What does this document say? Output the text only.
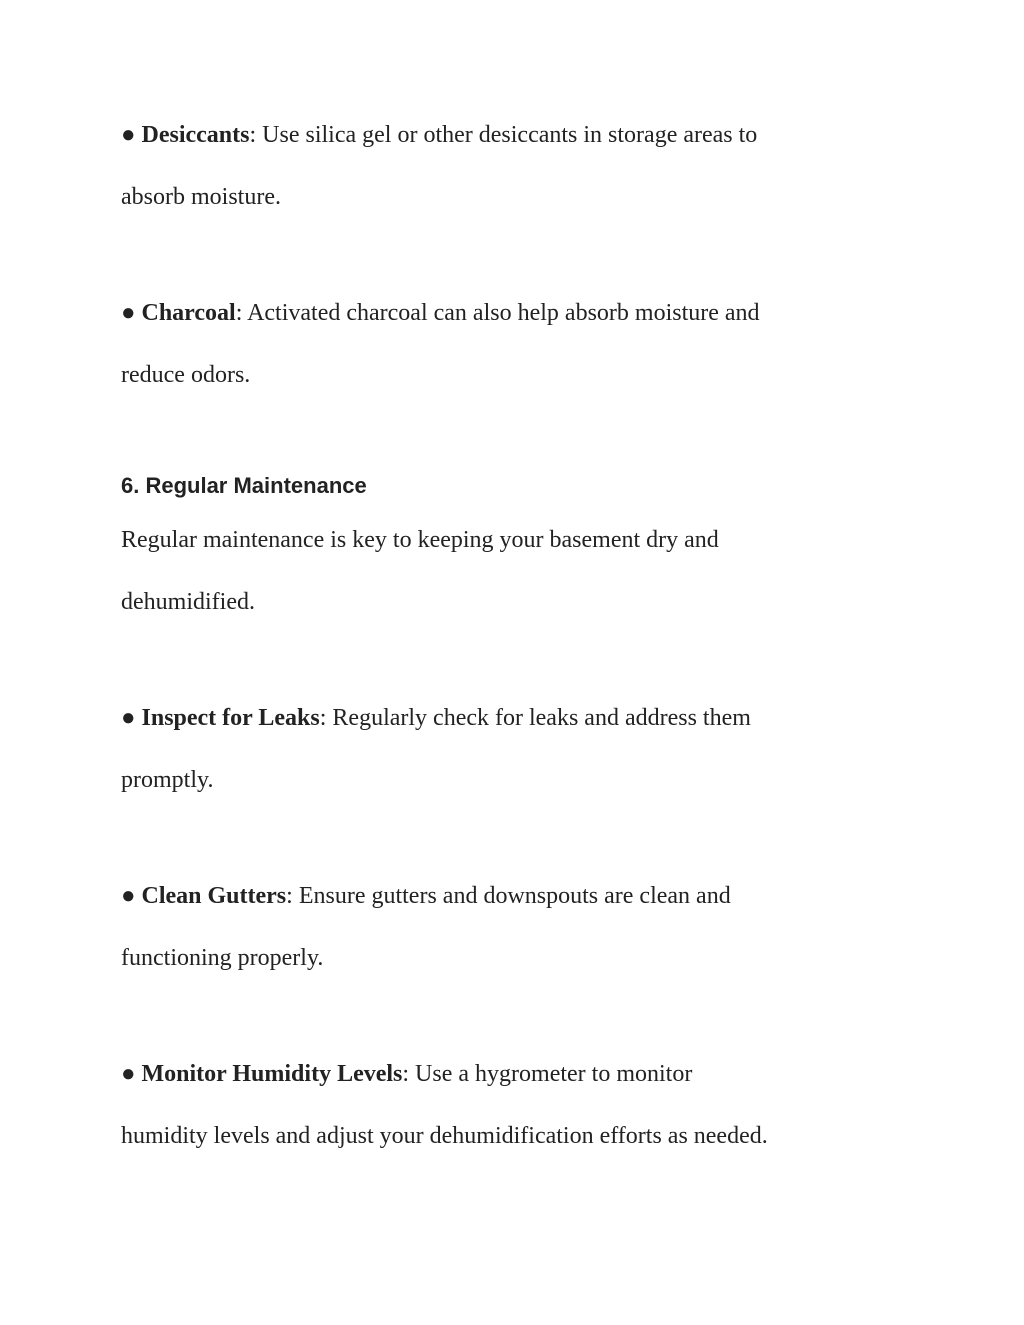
● Desiccants: Use silica gel or other desiccants in storage areas to

absorb moisture.

● Charcoal: Activated charcoal can also help absorb moisture and

reduce odors.

6. Regular Maintenance

Regular maintenance is key to keeping your basement dry and

dehumidified.

● Inspect for Leaks: Regularly check for leaks and address them

promptly.

● Clean Gutters: Ensure gutters and downspouts are clean and

functioning properly.

● Monitor Humidity Levels: Use a hygrometer to monitor

humidity levels and adjust your dehumidification efforts as needed.
